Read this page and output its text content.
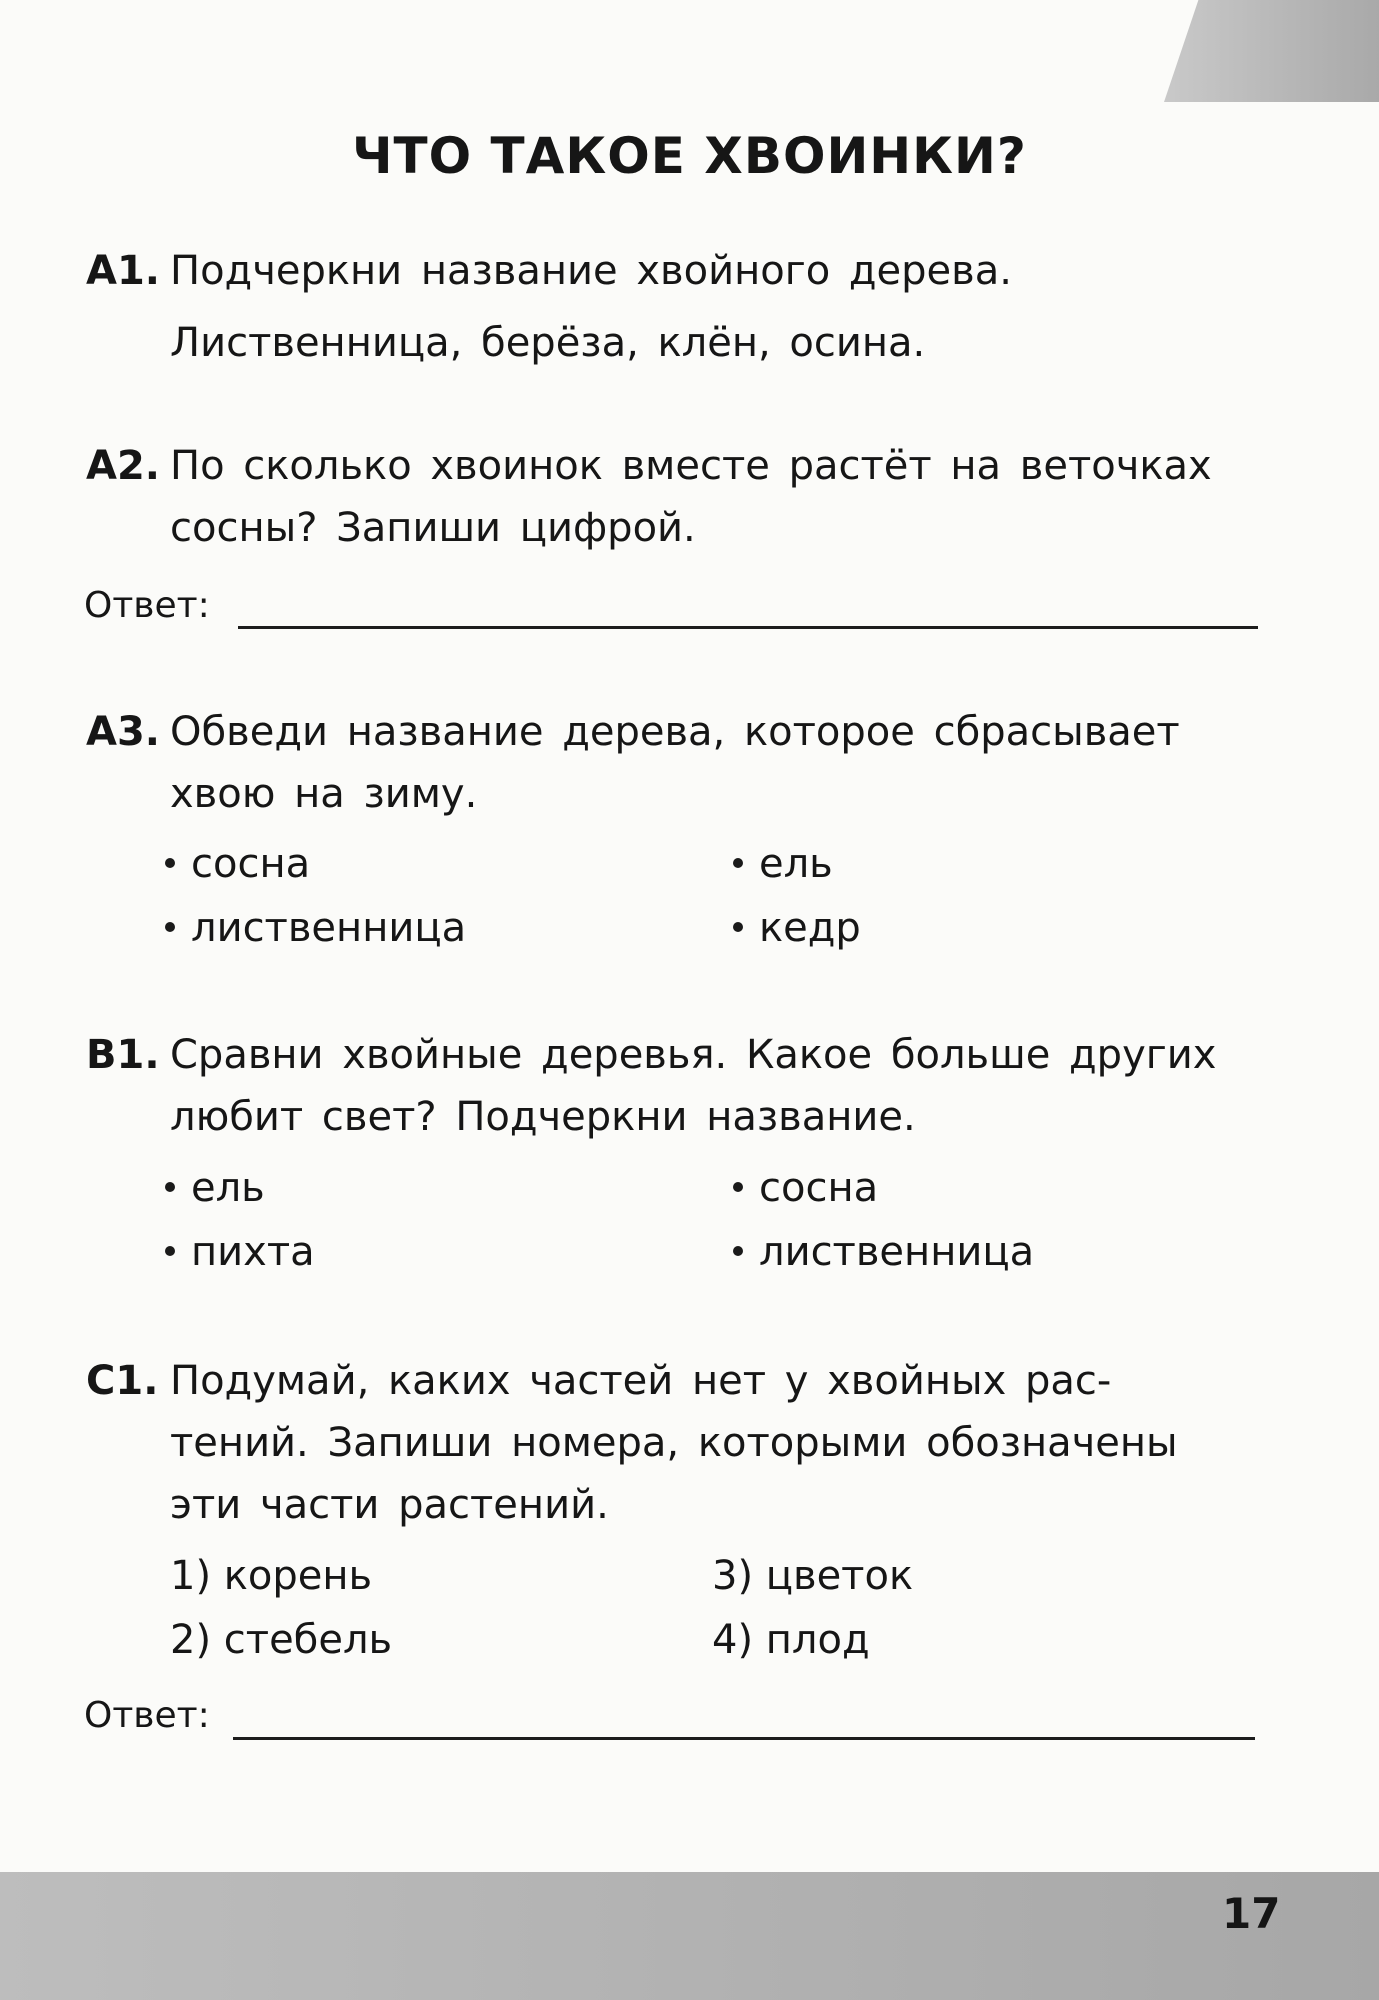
17
ЧТО ТАКОЕ ХВОИНКИ?
А1. Подчеркни название хвойного дерева.
Лиственница, берёза, клён, осина.
А2. По сколько хвоинок вместе растёт на веточках
сосны? Запиши цифрой.
Ответ:
А3. Обведи название дерева, которое сбрасывает
хвою на зиму.
сосна	ель
лиственница	кедр
В1. Сравни хвойные деревья. Какое больше других
любит свет? Подчеркни название.
ель	сосна
пихта	лиственница
С1. Подумай, каких частей нет у хвойных рас-
тений. Запиши номера, которыми обозначены
эти части растений.
1) корень	3) цветок
2) стебель	4) плод
Ответ:
